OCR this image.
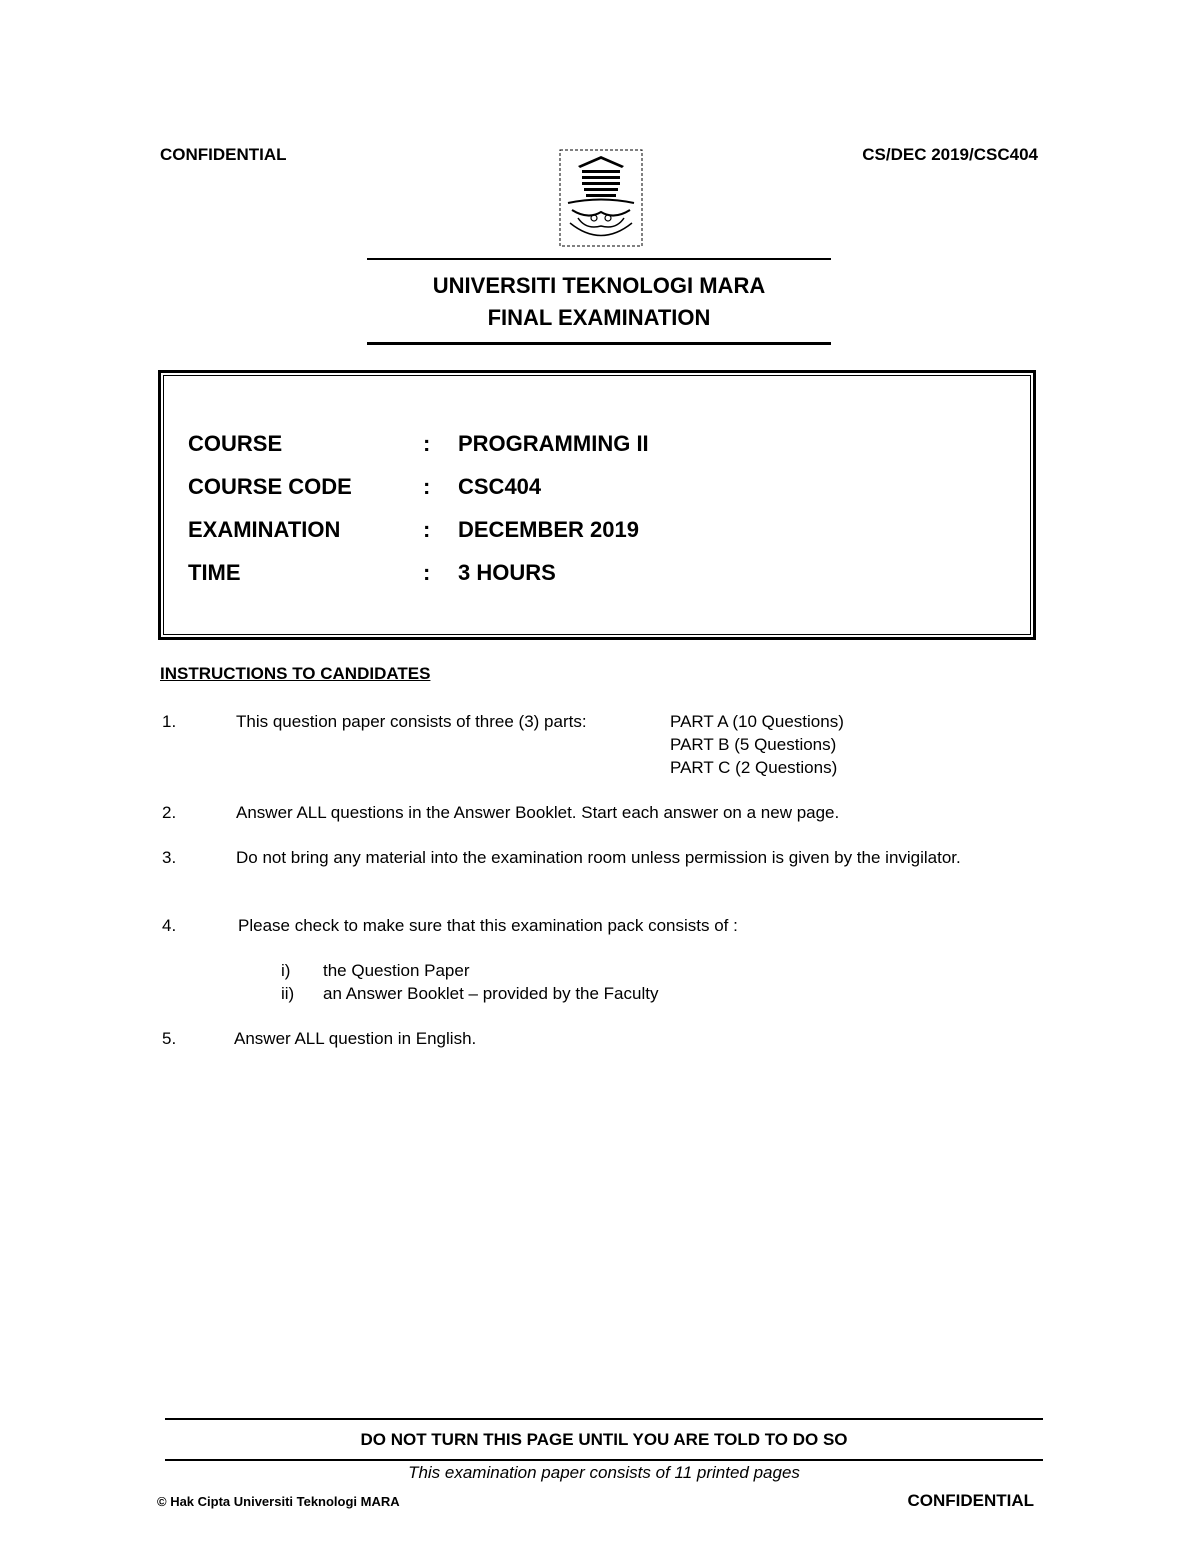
CONFIDENTIAL	CS/DEC 2019/CSC404
UNIVERSITI TEKNOLOGI MARA
FINAL EXAMINATION
COURSE	: PROGRAMMING II
COURSE CODE	: CSC404
EXAMINATION	: DECEMBER 2019
TIME	: 3 HOURS
INSTRUCTIONS TO CANDIDATES
1.	This question paper consists of three (3) parts:	PART A (10 Questions)
PART B (5 Questions)
PART C (2 Questions)
2.	Answer ALL questions in the Answer Booklet. Start each answer on a new page.
3.	Do not bring any material into the examination room unless permission is given by the invigilator.
4.	Please check to make sure that this examination pack consists of :
i) the Question Paper
ii) an Answer Booklet – provided by the Faculty
5.	Answer ALL question in English.
DO NOT TURN THIS PAGE UNTIL YOU ARE TOLD TO DO SO
This examination paper consists of 11 printed pages
© Hak Cipta Universiti Teknologi MARA	CONFIDENTIAL
